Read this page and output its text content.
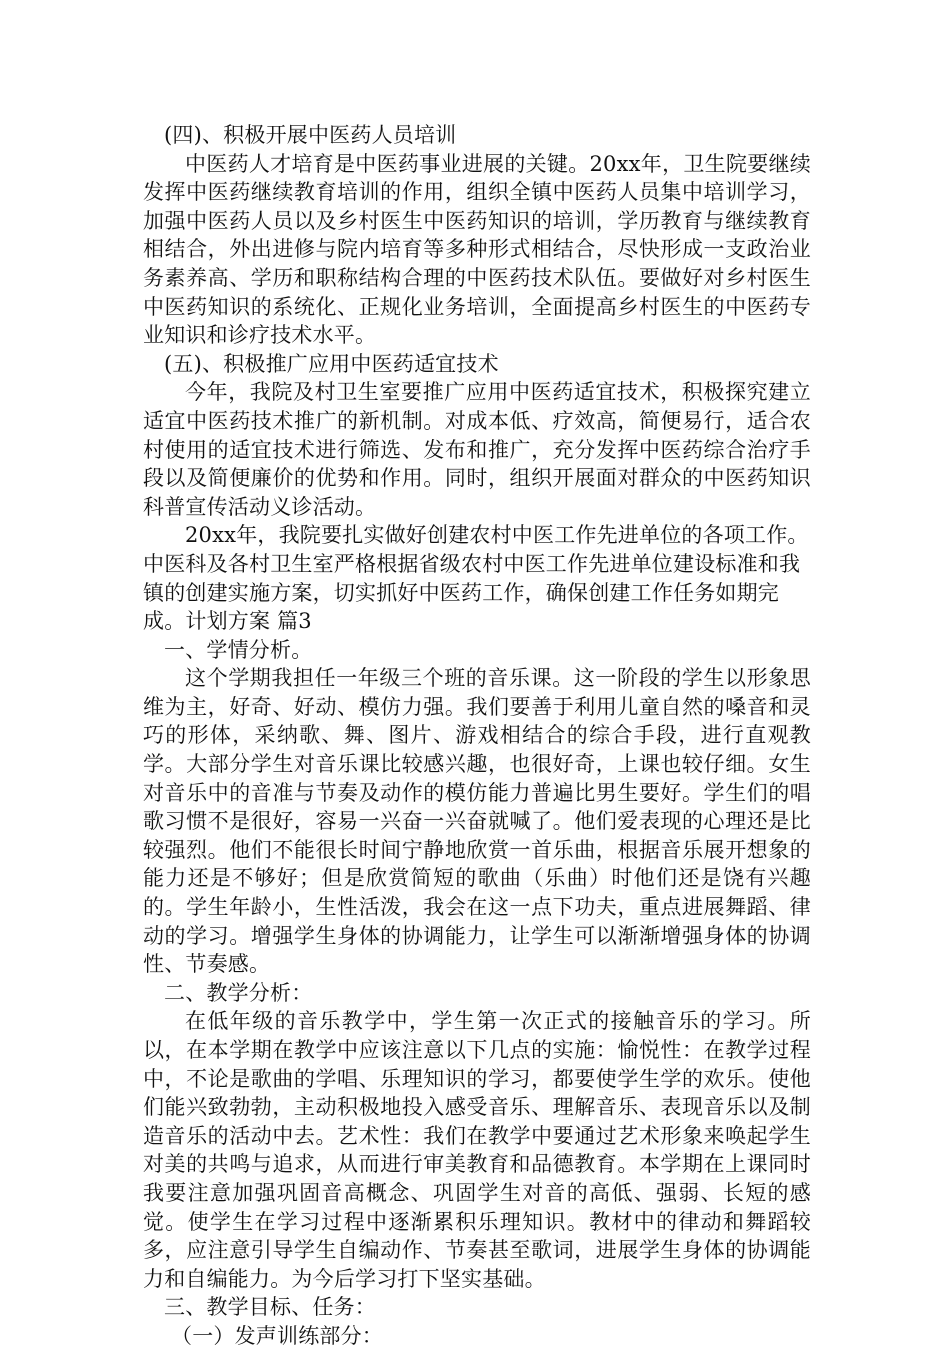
(四)、积极开展中医药人员培训

中医药人才培育是中医药事业进展的关键。20xx年，卫生院要继续发挥中医药继续教育培训的作用，组织全镇中医药人员集中培训学习，加强中医药人员以及乡村医生中医药知识的培训，学历教育与继续教育相结合，外出进修与院内培育等多种形式相结合，尽快形成一支政治业务素养高、学历和职称结构合理的中医药技术队伍。要做好对乡村医生中医药知识的系统化、正规化业务培训，全面提高乡村医生的中医药专业知识和诊疗技术水平。

(五)、积极推广应用中医药适宜技术

今年，我院及村卫生室要推广应用中医药适宜技术，积极探究建立适宜中医药技术推广的新机制。对成本低、疗效高，简便易行，适合农村使用的适宜技术进行筛选、发布和推广，充分发挥中医药综合治疗手段以及简便廉价的优势和作用。同时，组织开展面对群众的中医药知识科普宣传活动义诊活动。

20xx年，我院要扎实做好创建农村中医工作先进单位的各项工作。中医科及各村卫生室严格根据省级农村中医工作先进单位建设标准和我镇的创建实施方案，切实抓好中医药工作，确保创建工作任务如期完成。计划方案 篇3

一、学情分析。

这个学期我担任一年级三个班的音乐课。这一阶段的学生以形象思维为主，好奇、好动、模仿力强。我们要善于利用儿童自然的嗓音和灵巧的形体，采纳歌、舞、图片、游戏相结合的综合手段，进行直观教学。大部分学生对音乐课比较感兴趣，也很好奇，上课也较仔细。女生对音乐中的音准与节奏及动作的模仿能力普遍比男生要好。学生们的唱歌习惯不是很好，容易一兴奋一兴奋就喊了。他们爱表现的心理还是比较强烈。他们不能很长时间宁静地欣赏一首乐曲，根据音乐展开想象的能力还是不够好；但是欣赏简短的歌曲（乐曲）时他们还是饶有兴趣的。学生年龄小，生性活泼，我会在这一点下功夫，重点进展舞蹈、律动的学习。增强学生身体的协调能力，让学生可以渐渐增强身体的协调性、节奏感。

二、教学分析：

在低年级的音乐教学中，学生第一次正式的接触音乐的学习。所以，在本学期在教学中应该注意以下几点的实施：愉悦性：在教学过程中，不论是歌曲的学唱、乐理知识的学习，都要使学生学的欢乐。使他们能兴致勃勃，主动积极地投入感受音乐、理解音乐、表现音乐以及制造音乐的活动中去。艺术性：我们在教学中要通过艺术形象来唤起学生对美的共鸣与追求，从而进行审美教育和品德教育。本学期在上课同时我要注意加强巩固音高概念、巩固学生对音的高低、强弱、长短的感觉。使学生在学习过程中逐渐累积乐理知识。教材中的律动和舞蹈较多，应注意引导学生自编动作、节奏甚至歌词，进展学生身体的协调能力和自编能力。为今后学习打下坚实基础。

三、教学目标、任务：

（一）发声训练部分：
